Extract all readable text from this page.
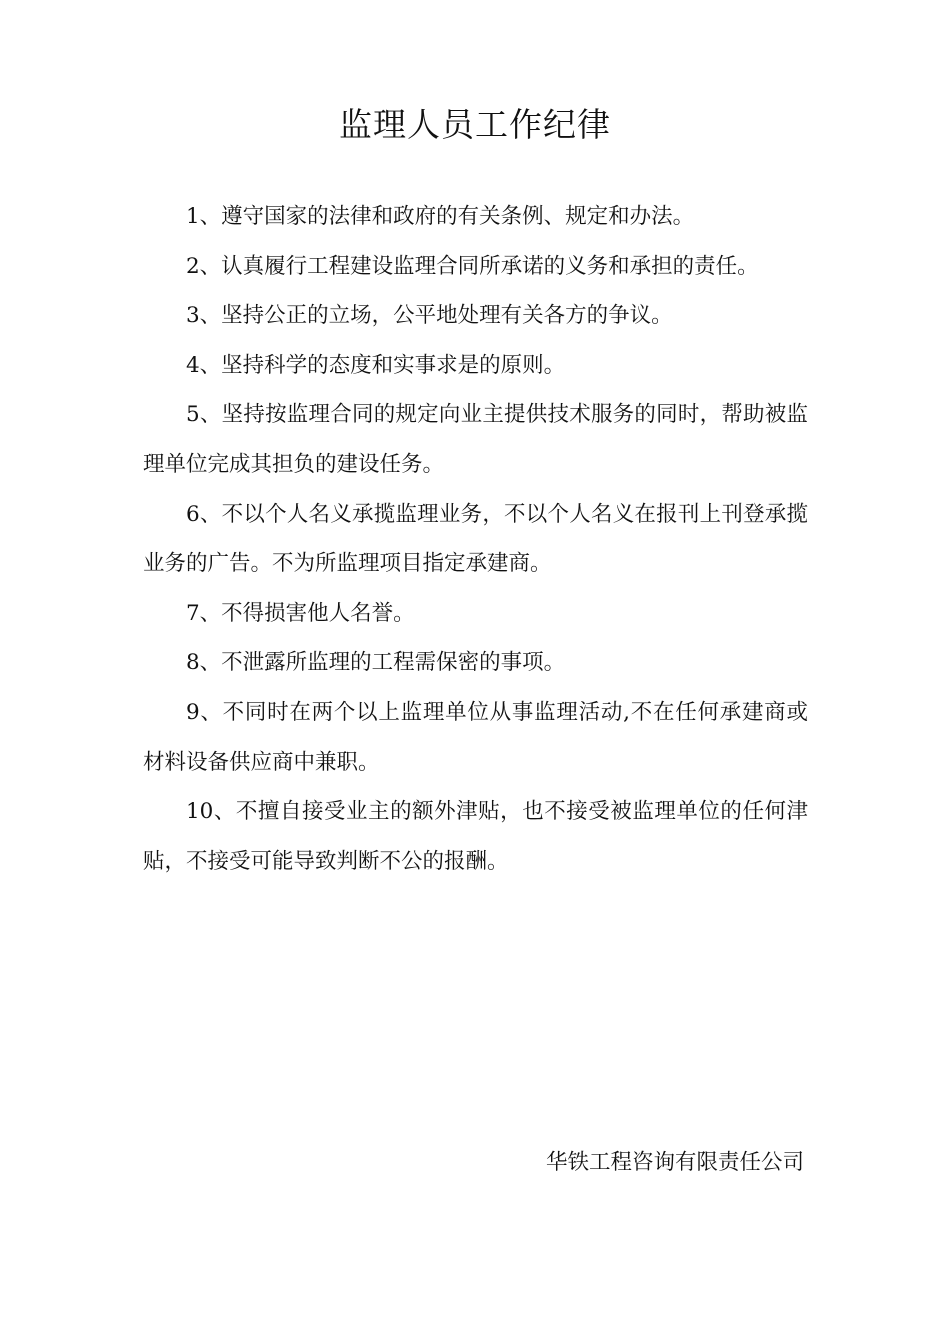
监理人员工作纪律

1、遵守国家的法律和政府的有关条例、规定和办法。

2、认真履行工程建设监理合同所承诺的义务和承担的责任。

3、坚持公正的立场，公平地处理有关各方的争议。

4、坚持科学的态度和实事求是的原则。

5、坚持按监理合同的规定向业主提供技术服务的同时，帮助被监理单位完成其担负的建设任务。

6、不以个人名义承揽监理业务，不以个人名义在报刊上刊登承揽业务的广告。不为所监理项目指定承建商。

7、不得损害他人名誉。

8、不泄露所监理的工程需保密的事项。

9、不同时在两个以上监理单位从事监理活动,不在任何承建商或材料设备供应商中兼职。

10、不擅自接受业主的额外津贴，也不接受被监理单位的任何津贴，不接受可能导致判断不公的报酬。

华铁工程咨询有限责任公司
